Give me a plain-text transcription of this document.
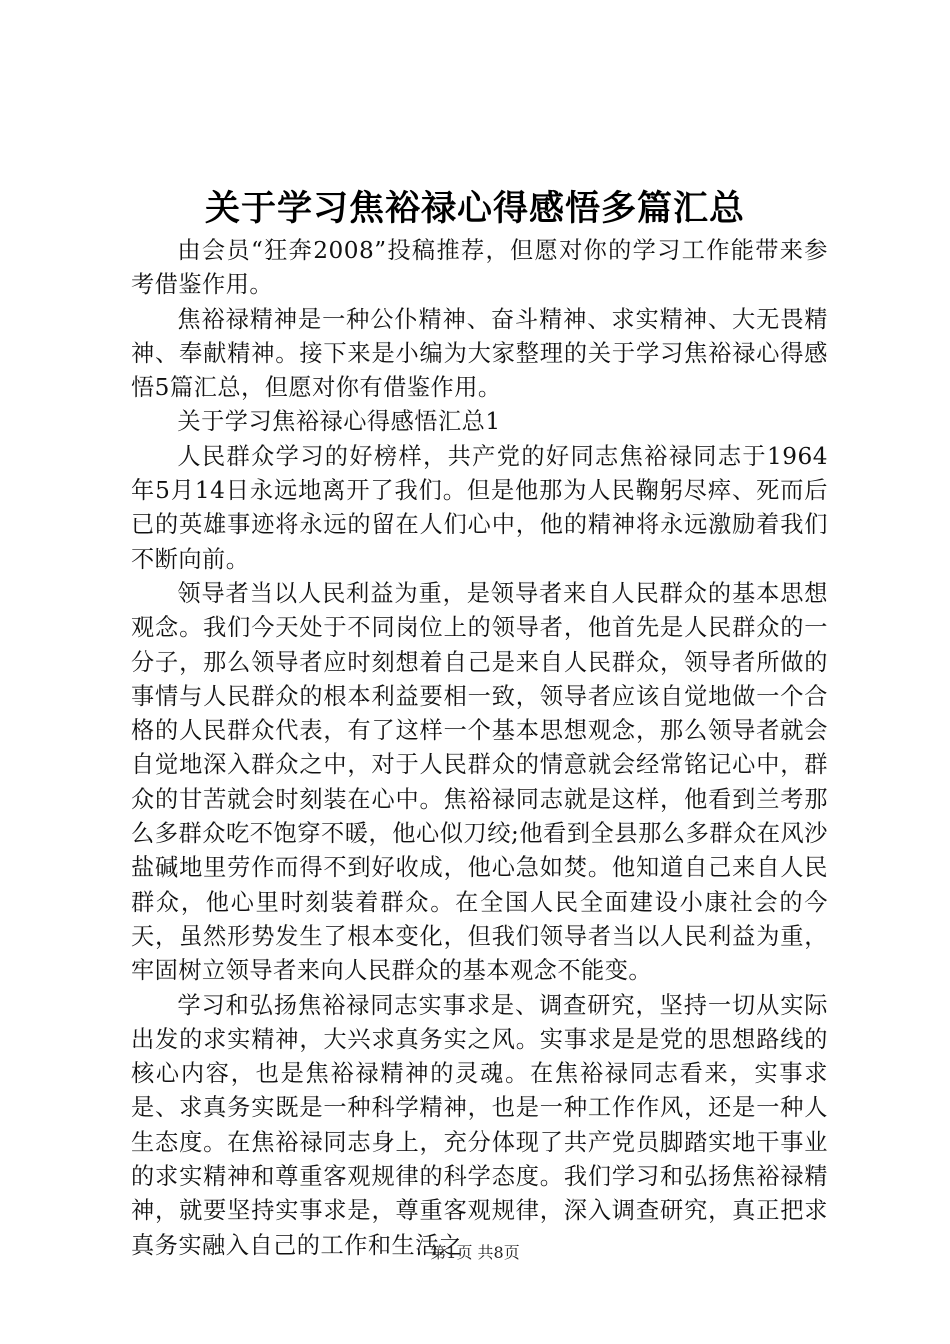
关于学习焦裕禄心得感悟多篇汇总

由会员“狂奔2008”投稿推荐，但愿对你的学习工作能带来参考借鉴作用。

焦裕禄精神是一种公仆精神、奋斗精神、求实精神、大无畏精神、奉献精神。接下来是小编为大家整理的关于学习焦裕禄心得感悟5篇汇总，但愿对你有借鉴作用。

关于学习焦裕禄心得感悟汇总1

人民群众学习的好榜样，共产党的好同志焦裕禄同志于1964年5月14日永远地离开了我们。但是他那为人民鞠躬尽瘁、死而后已的英雄事迹将永远的留在人们心中，他的精神将永远激励着我们不断向前。

领导者当以人民利益为重，是领导者来自人民群众的基本思想观念。我们今天处于不同岗位上的领导者，他首先是人民群众的一分子，那么领导者应时刻想着自己是来自人民群众，领导者所做的事情与人民群众的根本利益要相一致，领导者应该自觉地做一个合格的人民群众代表，有了这样一个基本思想观念，那么领导者就会自觉地深入群众之中，对于人民群众的情意就会经常铭记心中，群众的甘苦就会时刻装在心中。焦裕禄同志就是这样，他看到兰考那么多群众吃不饱穿不暖，他心似刀绞;他看到全县那么多群众在风沙盐碱地里劳作而得不到好收成，他心急如焚。他知道自己来自人民群众，他心里时刻装着群众。在全国人民全面建设小康社会的今天，虽然形势发生了根本变化，但我们领导者当以人民利益为重，牢固树立领导者来向人民群众的基本观念不能变。

学习和弘扬焦裕禄同志实事求是、调查研究，坚持一切从实际出发的求实精神，大兴求真务实之风。实事求是是党的思想路线的核心内容，也是焦裕禄精神的灵魂。在焦裕禄同志看来，实事求是、求真务实既是一种科学精神，也是一种工作作风，还是一种人生态度。在焦裕禄同志身上，充分体现了共产党员脚踏实地干事业的求实精神和尊重客观规律的科学态度。我们学习和弘扬焦裕禄精神，就要坚持实事求是，尊重客观规律，深入调查研究，真正把求真务实融入自己的工作和生活之

第1页 共8页
